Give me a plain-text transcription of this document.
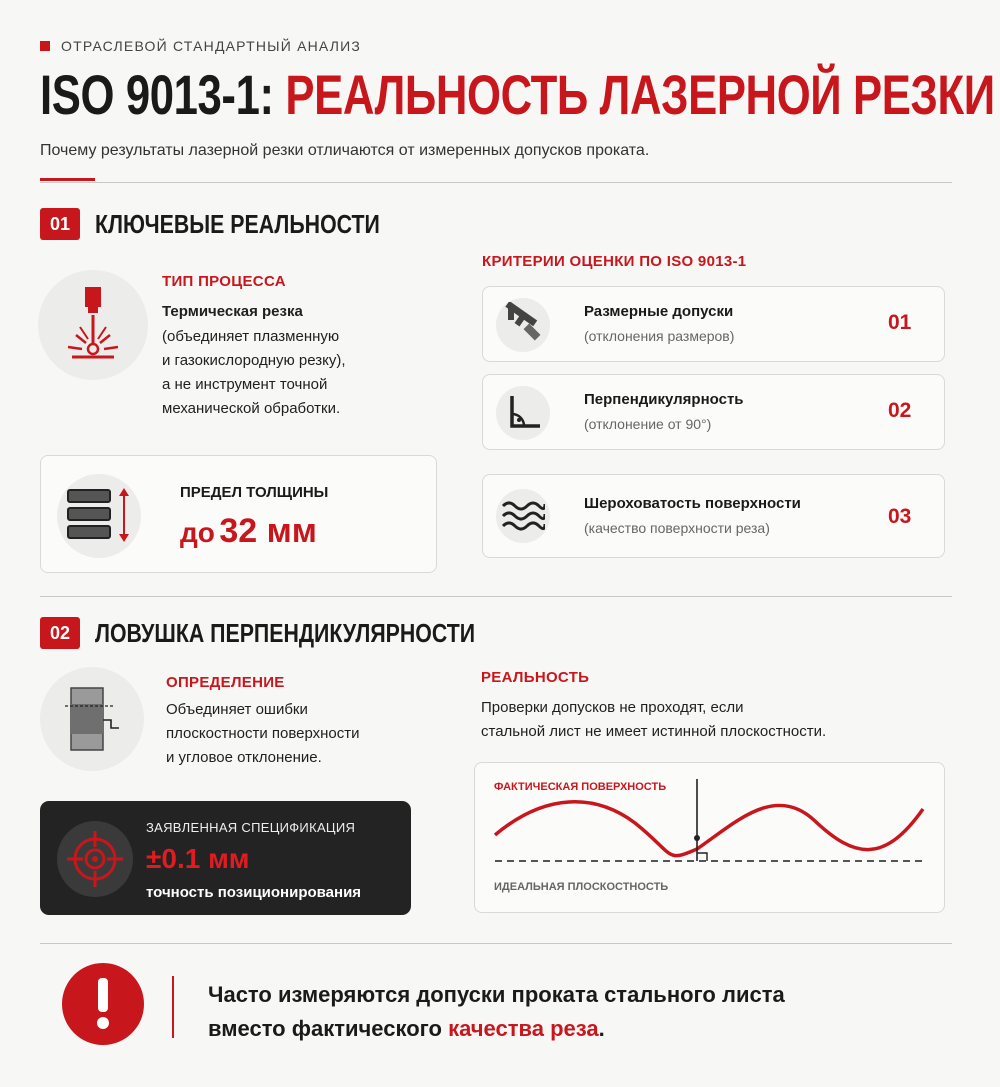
ОТРАСЛЕВОЙ СТАНДАРТНЫЙ АНАЛИЗ
ISO 9013-1: РЕАЛЬНОСТЬ ЛАЗЕРНОЙ РЕЗКИ
Почему результаты лазерной резки отличаются от измеренных допусков проката.
01 КЛЮЧЕВЫЕ РЕАЛЬНОСТИ
ТИП ПРОЦЕССА
Термическая резка
(объединяет плазменную
и газокислородную резку),
а не инструмент точной
механической обработки.
ПРЕДЕЛ ТОЛЩИНЫ
до 32 мм
КРИТЕРИИ ОЦЕНКИ ПО ISO 9013-1
Размерные допуски
(отклонения размеров)
01
Перпендикулярность
(отклонение от 90°)
02
Шероховатость поверхности
(качество поверхности реза)	03
02 ЛОВУШКА ПЕРПЕНДИКУЛЯРНОСТИ
ОПРЕДЕЛЕНИЕ
Объединяет ошибки
плоскостности поверхности
и угловое отклонение.
ЗАЯВЛЕННАЯ СПЕЦИФИКАЦИЯ
±0.1 мм
точность позиционирования
РЕАЛЬНОСТЬ
Проверки допусков не проходят, если
стальной лист не имеет истинной плоскостности.
ФАКТИЧЕСКАЯ ПОВЕРХНОСТЬ
ИДЕАЛЬНАЯ ПЛОСКОСТНОСТЬ
Часто измеряются допуски проката стального листа
вместо фактического качества реза.
